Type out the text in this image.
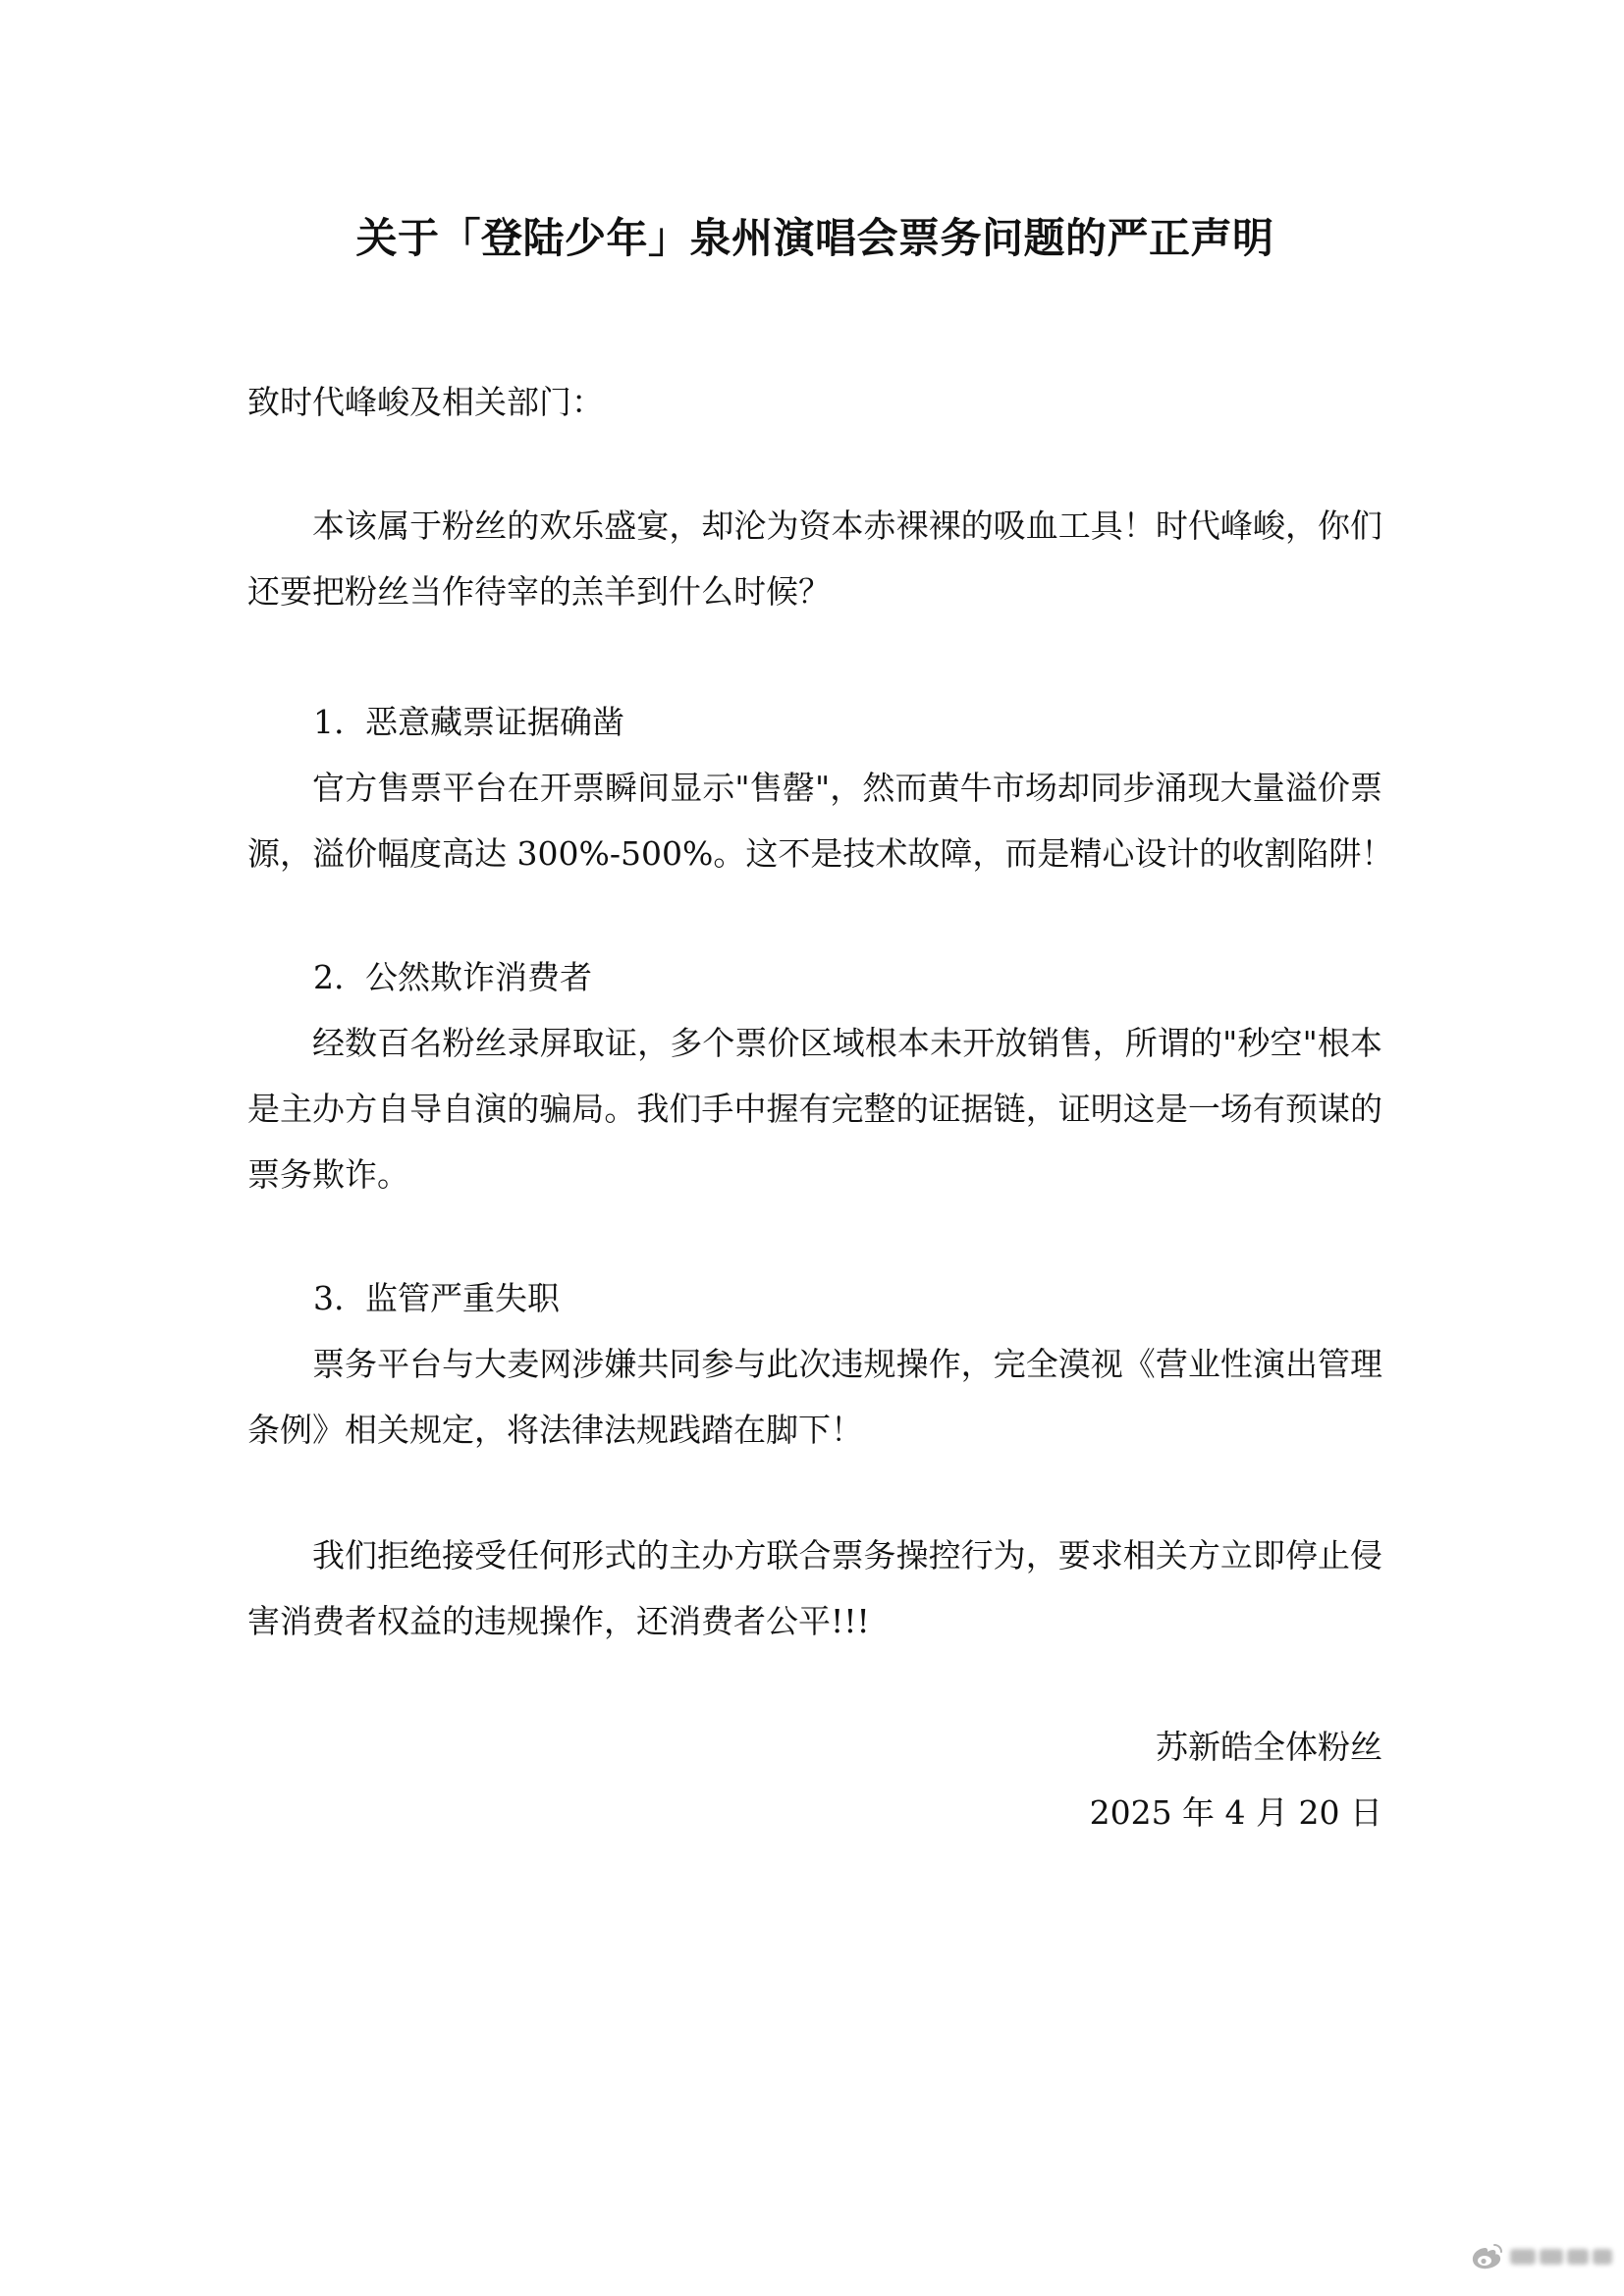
关于「登陆少年」泉州演唱会票务问题的严正声明
致时代峰峻及相关部门：
本该属于粉丝的欢乐盛宴，却沦为资本赤裸裸的吸血工具！时代峰峻，你们
还要把粉丝当作待宰的羔羊到什么时候？
1. 恶意藏票证据确凿
官方售票平台在开票瞬间显示"售罄"，然而黄牛市场却同步涌现大量溢价票
源，溢价幅度高达 300%-500%。这不是技术故障，而是精心设计的收割陷阱！
2. 公然欺诈消费者
经数百名粉丝录屏取证，多个票价区域根本未开放销售，所谓的"秒空"根本
是主办方自导自演的骗局。我们手中握有完整的证据链，证明这是一场有预谋的
票务欺诈。
3. 监管严重失职
票务平台与大麦网涉嫌共同参与此次违规操作，完全漠视《营业性演出管理
条例》相关规定，将法律法规践踏在脚下！
我们拒绝接受任何形式的主办方联合票务操控行为，要求相关方立即停止侵
害消费者权益的违规操作，还消费者公平!!!
苏新皓全体粉丝
2025 年 4 月 20 日
